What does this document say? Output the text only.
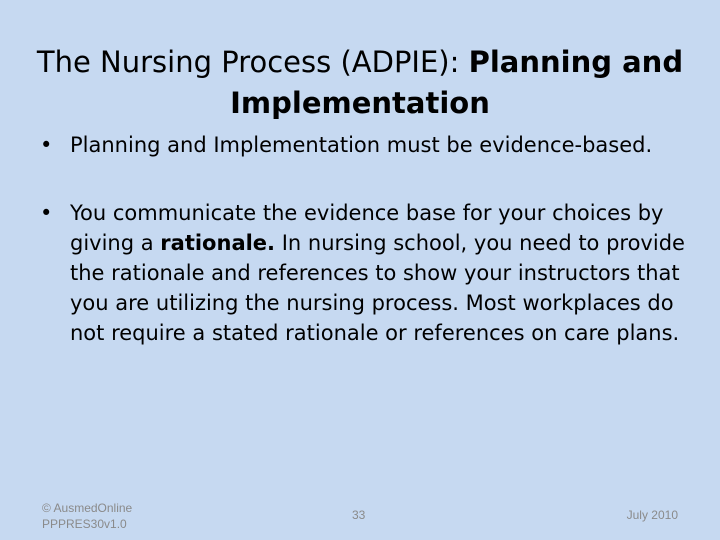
The Nursing Process (ADPIE): Planning and Implementation
• Planning and Implementation must be evidence-based.
• You communicate the evidence base for your choices by giving a rationale. In nursing school, you need to provide the rationale and references to show your instructors that you are utilizing the nursing process. Most workplaces do not require a stated rationale or references on care plans.
© AusmedOnline
PPPRES30v1.0
33	July 2010
